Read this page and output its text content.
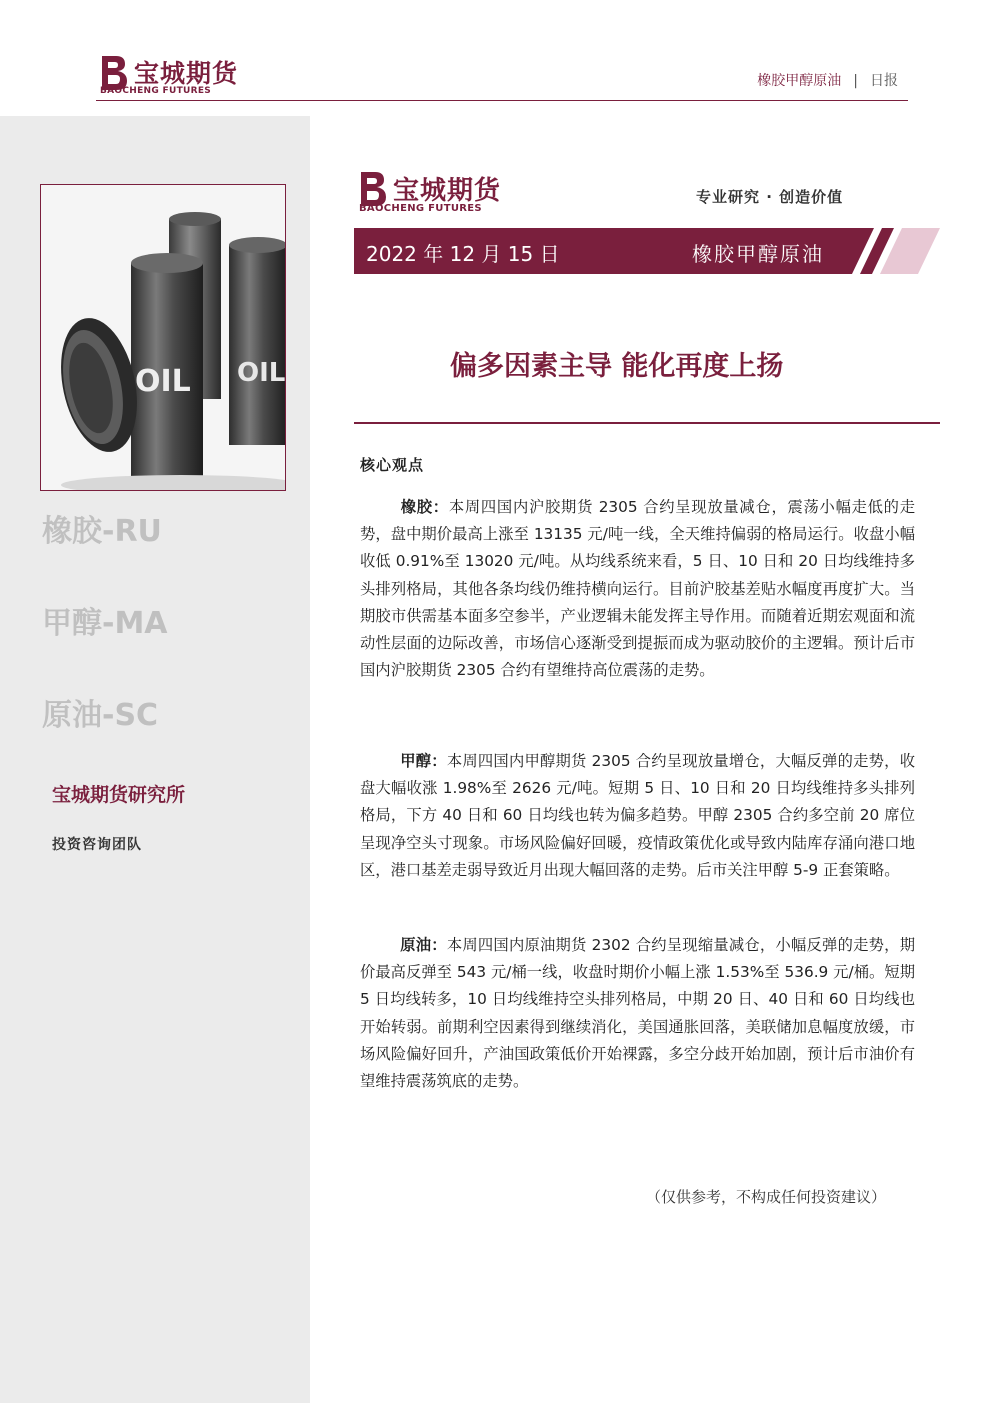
宝城期货
BAOCHENG FUTURES
橡胶甲醇原油 | 日报
OIL
OIL
橡胶-RU
甲醇-MA
原油-SC
宝城期货研究所
投资咨询团队
宝城期货
BAOCHENG FUTURES
专业研究 · 创造价值
2022 年 12 月 15 日	橡胶甲醇原油
偏多因素主导 能化再度上扬
核心观点
橡胶：本周四国内沪胶期货 2305 合约呈现放量减仓，震荡小幅走低的走势，盘中期价最高上涨至 13135 元/吨一线，全天维持偏弱的格局运行。收盘小幅收低 0.91%至 13020 元/吨。从均线系统来看，5 日、10 日和 20 日均线维持多头排列格局，其他各条均线仍维持横向运行。目前沪胶基差贴水幅度再度扩大。当期胶市供需基本面多空参半，产业逻辑未能发挥主导作用。而随着近期宏观面和流动性层面的边际改善，市场信心逐渐受到提振而成为驱动胶价的主逻辑。预计后市国内沪胶期货 2305 合约有望维持高位震荡的走势。
甲醇：本周四国内甲醇期货 2305 合约呈现放量增仓，大幅反弹的走势，收盘大幅收涨 1.98%至 2626 元/吨。短期 5 日、10 日和 20 日均线维持多头排列格局，下方 40 日和 60 日均线也转为偏多趋势。甲醇 2305 合约多空前 20 席位呈现净空头寸现象。市场风险偏好回暖，疫情政策优化或导致内陆库存涌向港口地区，港口基差走弱导致近月出现大幅回落的走势。后市关注甲醇 5-9 正套策略。
原油：本周四国内原油期货 2302 合约呈现缩量减仓，小幅反弹的走势，期价最高反弹至 543 元/桶一线，收盘时期价小幅上涨 1.53%至 536.9 元/桶。短期 5 日均线转多，10 日均线维持空头排列格局，中期 20 日、40 日和 60 日均线也开始转弱。前期利空因素得到继续消化，美国通胀回落，美联储加息幅度放缓，市场风险偏好回升，产油国政策低价开始裸露，多空分歧开始加剧，预计后市油价有望维持震荡筑底的走势。
（仅供参考，不构成任何投资建议）
